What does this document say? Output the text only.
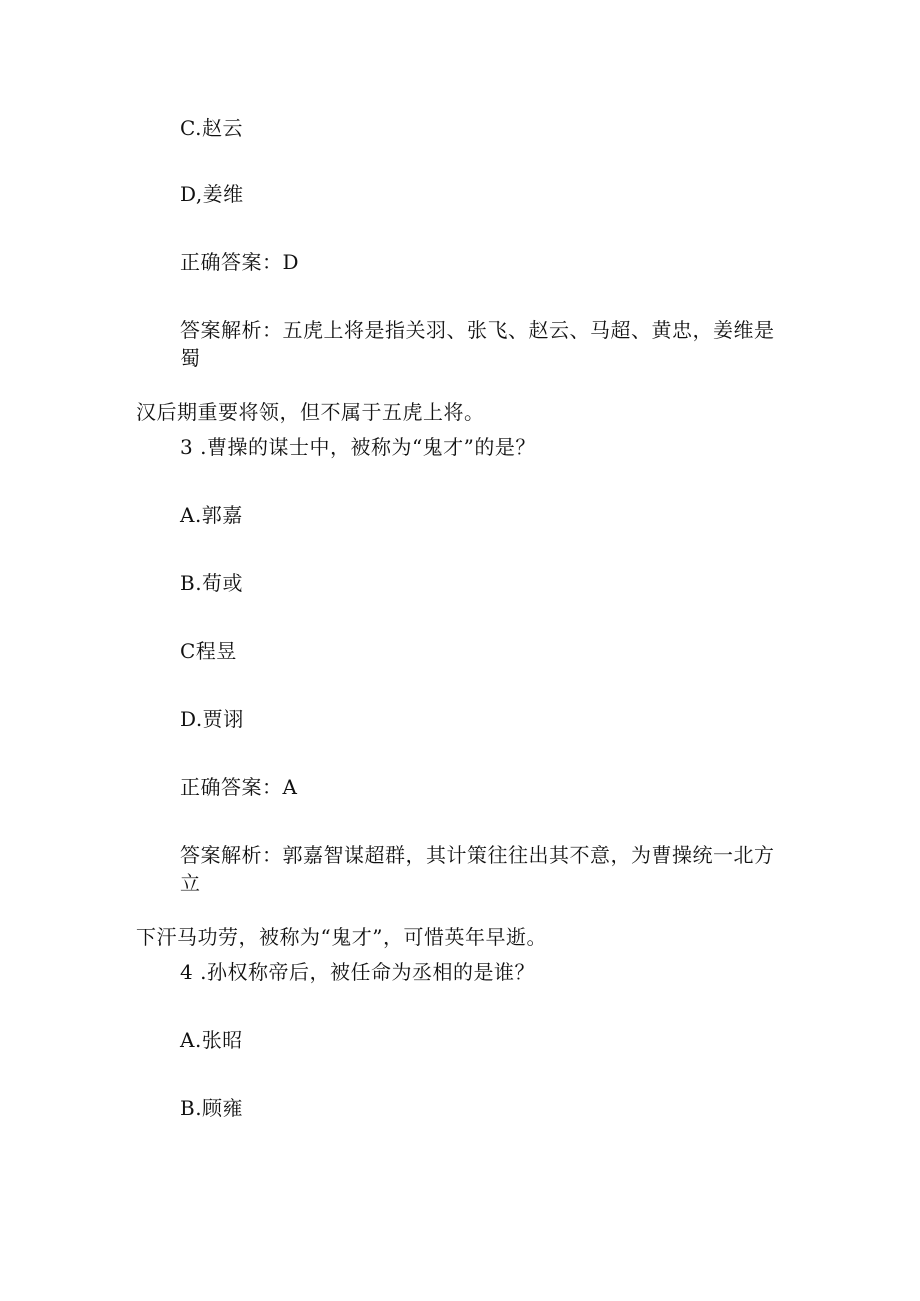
C.赵云
D,姜维
正确答案：D
答案解析：五虎上将是指关羽、张飞、赵云、马超、黄忠，姜维是蜀
汉后期重要将领，但不属于五虎上将。
3 .曹操的谋士中，被称为“鬼才”的是？
A.郭嘉
B.荀或
C程昱
D.贾诩
正确答案：A
答案解析：郭嘉智谋超群，其计策往往出其不意，为曹操统一北方立
下汗马功劳，被称为“鬼才”，可惜英年早逝。
4 .孙权称帝后，被任命为丞相的是谁？
A.张昭
B.顾雍
